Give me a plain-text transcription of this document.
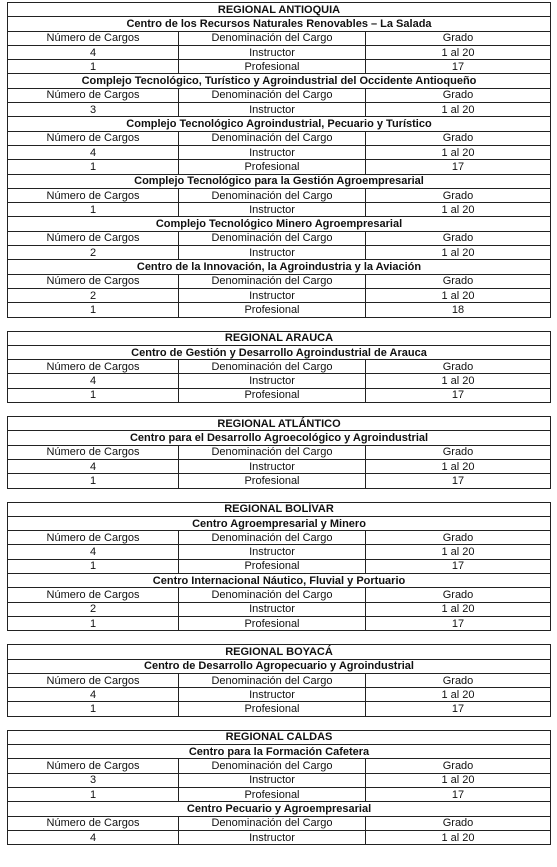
REGIONAL ANTIOQUIA		
Centro de los Recursos Naturales Renovables – La Salada		
Número de Cargos	Denominación del Cargo	Grado
4	Instructor	1 al 20
1	Profesional	17
Complejo Tecnológico, Turístico y Agroindustrial del Occidente Antioqueño		
Número de Cargos	Denominación del Cargo	Grado
3	Instructor	1 al 20
Complejo Tecnológico Agroindustrial, Pecuario y Turístico		
Número de Cargos	Denominación del Cargo	Grado
4	Instructor	1 al 20
1	Profesional	17
Complejo Tecnológico para la Gestión Agroempresarial		
Número de Cargos	Denominación del Cargo	Grado
1	Instructor	1 al 20
Complejo Tecnológico Minero Agroempresarial		
Número de Cargos	Denominación del Cargo	Grado
2	Instructor	1 al 20
Centro de la Innovación, la Agroindustria y la Aviación		
Número de Cargos	Denominación del Cargo	Grado
2	Instructor	1 al 20
1	Profesional	18
REGIONAL ARAUCA		
Centro de Gestión y Desarrollo Agroindustrial de Arauca		
Número de Cargos	Denominación del Cargo	Grado
4	Instructor	1 al 20
1	Profesional	17
REGIONAL ATLÁNTICO		
Centro para el Desarrollo Agroecológico y Agroindustrial		
Número de Cargos	Denominación del Cargo	Grado
4	Instructor	1 al 20
1	Profesional	17
REGIONAL BOLÍVAR		
Centro Agroempresarial y Minero		
Número de Cargos	Denominación del Cargo	Grado
4	Instructor	1 al 20
1	Profesional	17
Centro Internacional Náutico, Fluvial y Portuario		
Número de Cargos	Denominación del Cargo	Grado
2	Instructor	1 al 20
1	Profesional	17
REGIONAL BOYACÁ		
Centro de Desarrollo Agropecuario y Agroindustrial		
Número de Cargos	Denominación del Cargo	Grado
4	Instructor	1 al 20
1	Profesional	17
REGIONAL CALDAS		
Centro para la Formación Cafetera		
Número de Cargos	Denominación del Cargo	Grado
3	Instructor	1 al 20
1	Profesional	17
Centro Pecuario y Agroempresarial		
Número de Cargos	Denominación del Cargo	Grado
4	Instructor	1 al 20
